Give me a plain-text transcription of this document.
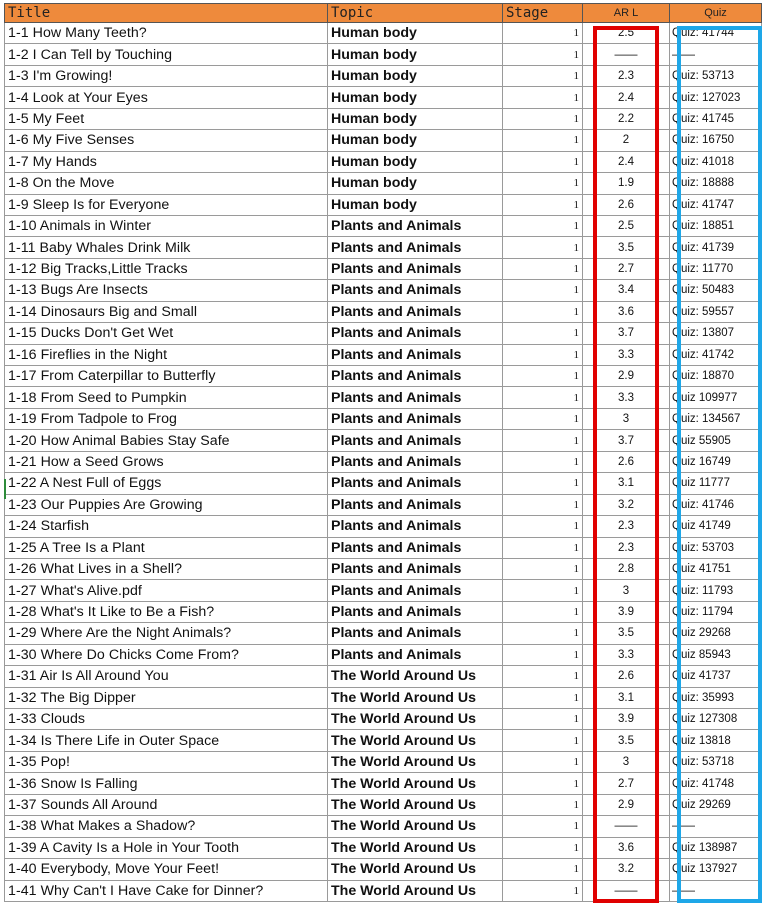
Title	Topic	Stage	AR L	Quiz
1-1 How Many Teeth?	Human body	1	2.5	Quiz: 41744
1-2 I Can Tell by Touching	Human body	1	——	——
1-3 I'm Growing!	Human body	1	2.3	Quiz: 53713
1-4 Look at Your Eyes	Human body	1	2.4	Quiz: 127023
1-5 My Feet	Human body	1	2.2	Quiz: 41745
1-6 My Five Senses	Human body	1	2	Quiz: 16750
1-7 My Hands	Human body	1	2.4	Quiz: 41018
1-8 On the Move	Human body	1	1.9	Quiz: 18888
1-9 Sleep Is for Everyone	Human body	1	2.6	Quiz: 41747
1-10 Animals in Winter	Plants and Animals	1	2.5	Quiz: 18851
1-11 Baby Whales Drink Milk	Plants and Animals	1	3.5	Quiz: 41739
1-12 Big Tracks,Little Tracks	Plants and Animals	1	2.7	Quiz: 11770
1-13 Bugs Are Insects	Plants and Animals	1	3.4	Quiz: 50483
1-14 Dinosaurs Big and Small	Plants and Animals	1	3.6	Quiz: 59557
1-15 Ducks Don't Get Wet	Plants and Animals	1	3.7	Quiz: 13807
1-16 Fireflies in the Night	Plants and Animals	1	3.3	Quiz: 41742
1-17 From Caterpillar to Butterfly	Plants and Animals	1	2.9	Quiz: 18870
1-18 From Seed to Pumpkin	Plants and Animals	1	3.3	Quiz 109977
1-19 From Tadpole to Frog	Plants and Animals	1	3	Quiz: 134567
1-20 How Animal Babies Stay Safe	Plants and Animals	1	3.7	Quiz 55905
1-21 How a Seed Grows	Plants and Animals	1	2.6	Quiz 16749
1-22 A Nest Full of Eggs	Plants and Animals	1	3.1	Quiz 11777
1-23 Our Puppies Are Growing	Plants and Animals	1	3.2	Quiz: 41746
1-24 Starfish	Plants and Animals	1	2.3	Quiz 41749
1-25 A Tree Is a Plant	Plants and Animals	1	2.3	Quiz: 53703
1-26 What Lives in a Shell?	Plants and Animals	1	2.8	Quiz 41751
1-27 What's Alive.pdf	Plants and Animals	1	3	Quiz: 11793
1-28 What's It Like to Be a Fish?	Plants and Animals	1	3.9	Quiz: 11794
1-29 Where Are the Night Animals?	Plants and Animals	1	3.5	Quiz 29268
1-30 Where Do Chicks Come From?	Plants and Animals	1	3.3	Quiz 85943
1-31 Air Is All Around You	The World Around Us	1	2.6	Quiz 41737
1-32 The Big Dipper	The World Around Us	1	3.1	Quiz: 35993
1-33 Clouds	The World Around Us	1	3.9	Quiz 127308
1-34 Is There Life in Outer Space	The World Around Us	1	3.5	Quiz 13818
1-35 Pop!	The World Around Us	1	3	Quiz: 53718
1-36 Snow Is Falling	The World Around Us	1	2.7	Quiz: 41748
1-37 Sounds All Around	The World Around Us	1	2.9	Quiz 29269
1-38 What Makes a Shadow?	The World Around Us	1	——	——
1-39 A Cavity Is a Hole in Your Tooth	The World Around Us	1	3.6	Quiz 138987
1-40 Everybody, Move Your Feet!	The World Around Us	1	3.2	Quiz 137927
1-41 Why Can't I Have Cake for Dinner?	The World Around Us	1	——	——
